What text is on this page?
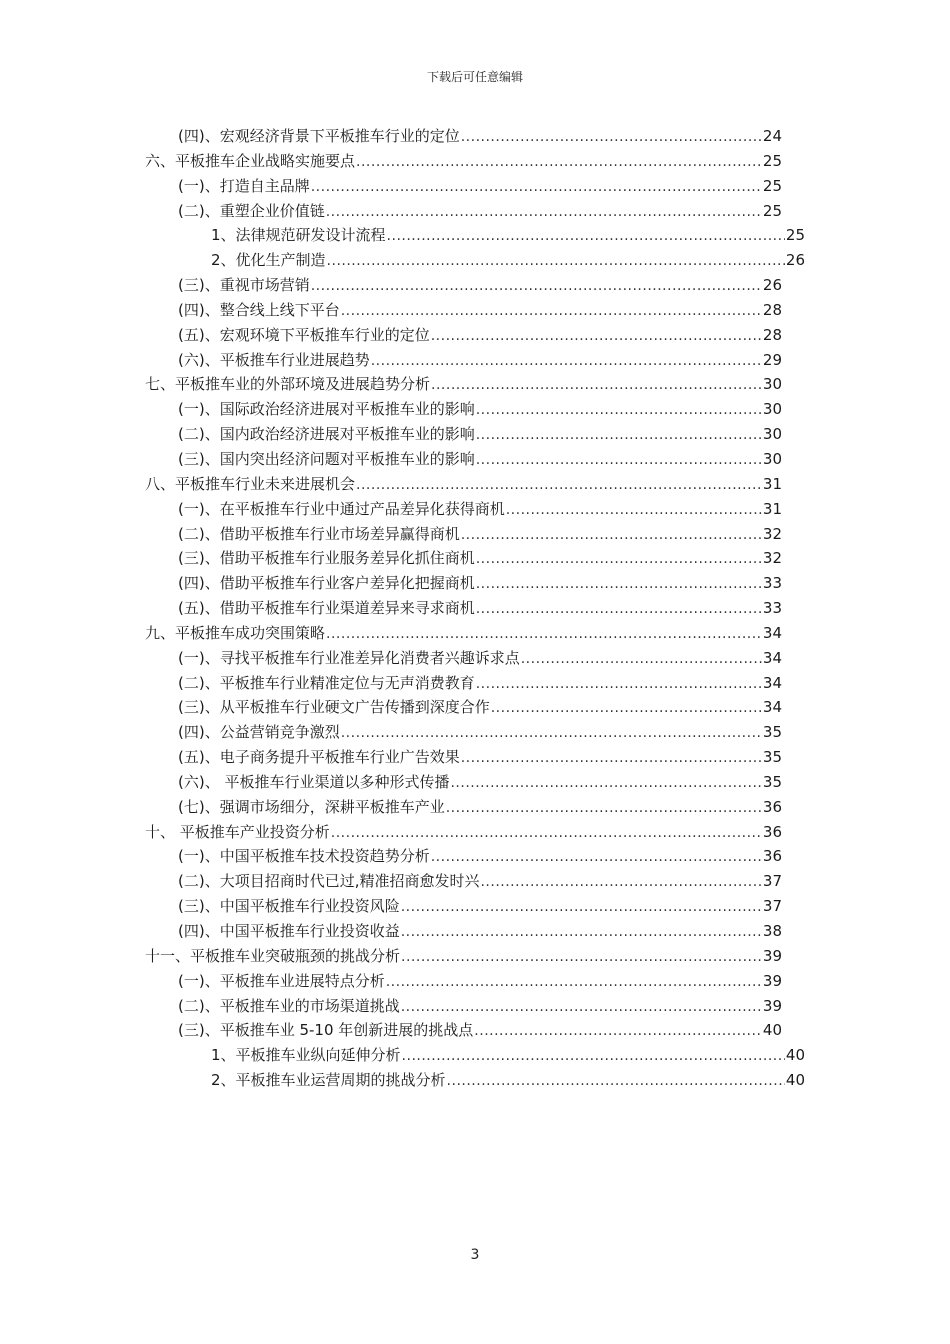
下载后可任意编辑
(四)、宏观经济背景下平板推车行业的定位 .....	24
六、平板推车企业战略实施要点 .....	25
(一)、打造自主品牌 .....	25
(二)、重塑企业价值链 .....	25
1、法律规范研发设计流程 .....	25
2、优化生产制造 .....	26
(三)、重视市场营销 .....	26
(四)、整合线上线下平台 .....	28
(五)、宏观环境下平板推车行业的定位 .....	28
(六)、平板推车行业进展趋势 .....	29
七、平板推车业的外部环境及进展趋势分析 .....	30
(一)、国际政治经济进展对平板推车业的影响 .....	30
(二)、国内政治经济进展对平板推车业的影响 .....	30
(三)、国内突出经济问题对平板推车业的影响 .....	30
八、平板推车行业未来进展机会 .....	31
(一)、在平板推车行业中通过产品差异化获得商机 .....	31
(二)、借助平板推车行业市场差异赢得商机 .....	32
(三)、借助平板推车行业服务差异化抓住商机 .....	32
(四)、借助平板推车行业客户差异化把握商机 .....	33
(五)、借助平板推车行业渠道差异来寻求商机 .....	33
九、平板推车成功突围策略 .....	34
(一)、寻找平板推车行业准差异化消费者兴趣诉求点 .....	34
(二)、平板推车行业精准定位与无声消费教育 .....	34
(三)、从平板推车行业硬文广告传播到深度合作 .....	34
(四)、公益营销竞争激烈 .....	35
(五)、电子商务提升平板推车行业广告效果 .....	35
(六)、 平板推车行业渠道以多种形式传播 .....	35
(七)、强调市场细分，深耕平板推车产业 .....	36
十、 平板推车产业投资分析 .....	36
(一)、中国平板推车技术投资趋势分析 .....	36
(二)、大项目招商时代已过,精准招商愈发时兴 .....	37
(三)、中国平板推车行业投资风险 .....	37
(四)、中国平板推车行业投资收益 .....	38
十一、平板推车业突破瓶颈的挑战分析 .....	39
(一)、平板推车业进展特点分析 .....	39
(二)、平板推车业的市场渠道挑战 .....	39
(三)、平板推车业 5-10 年创新进展的挑战点 .....	40
1、平板推车业纵向延伸分析 .....	40
2、平板推车业运营周期的挑战分析 .....	40
3
